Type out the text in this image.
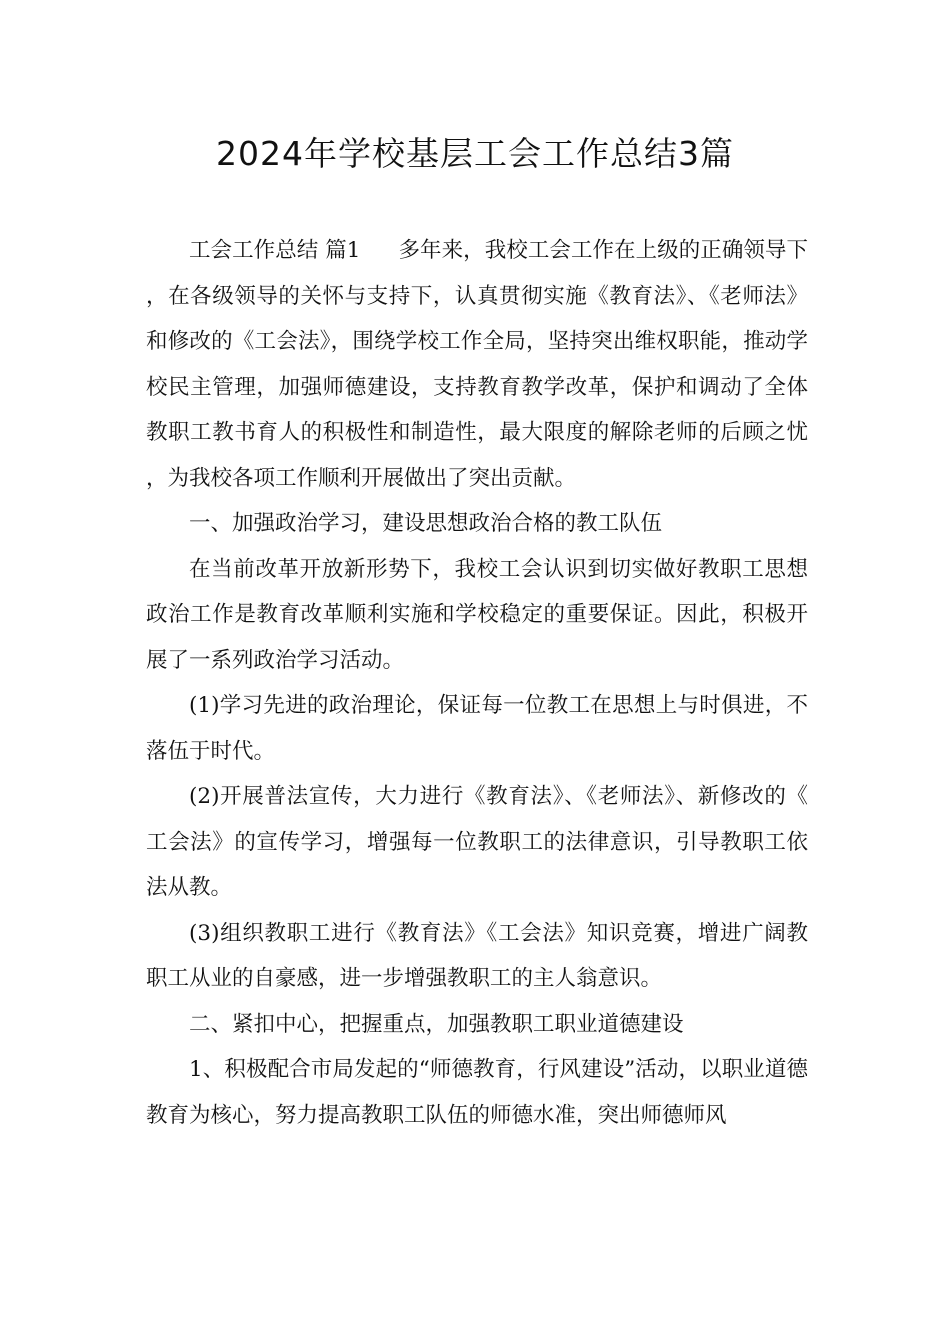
2024年学校基层工会工作总结3篇

工会工作总结 篇1 多年来，我校工会工作在上级的正确领导下，在各级领导的关怀与支持下，认真贯彻实施《教育法》、《老师法》和修改的《工会法》，围绕学校工作全局，坚持突出维权职能，推动学校民主管理，加强师德建设，支持教育教学改革，保护和调动了全体教职工教书育人的积极性和制造性，最大限度的解除老师的后顾之忧，为我校各项工作顺利开展做出了突出贡献。

一、加强政治学习，建设思想政治合格的教工队伍

在当前改革开放新形势下，我校工会认识到切实做好教职工思想政治工作是教育改革顺利实施和学校稳定的重要保证。因此，积极开展了一系列政治学习活动。

(1)学习先进的政治理论，保证每一位教工在思想上与时俱进，不落伍于时代。

(2)开展普法宣传，大力进行《教育法》、《老师法》、新修改的《工会法》的宣传学习，增强每一位教职工的法律意识，引导教职工依法从教。

(3)组织教职工进行《教育法》《工会法》知识竞赛，增进广阔教职工从业的自豪感，进一步增强教职工的主人翁意识。

二、紧扣中心，把握重点，加强教职工职业道德建设

1、积极配合市局发起的“师德教育，行风建设”活动，以职业道德教育为核心，努力提高教职工队伍的师德水准，突出师德师风
